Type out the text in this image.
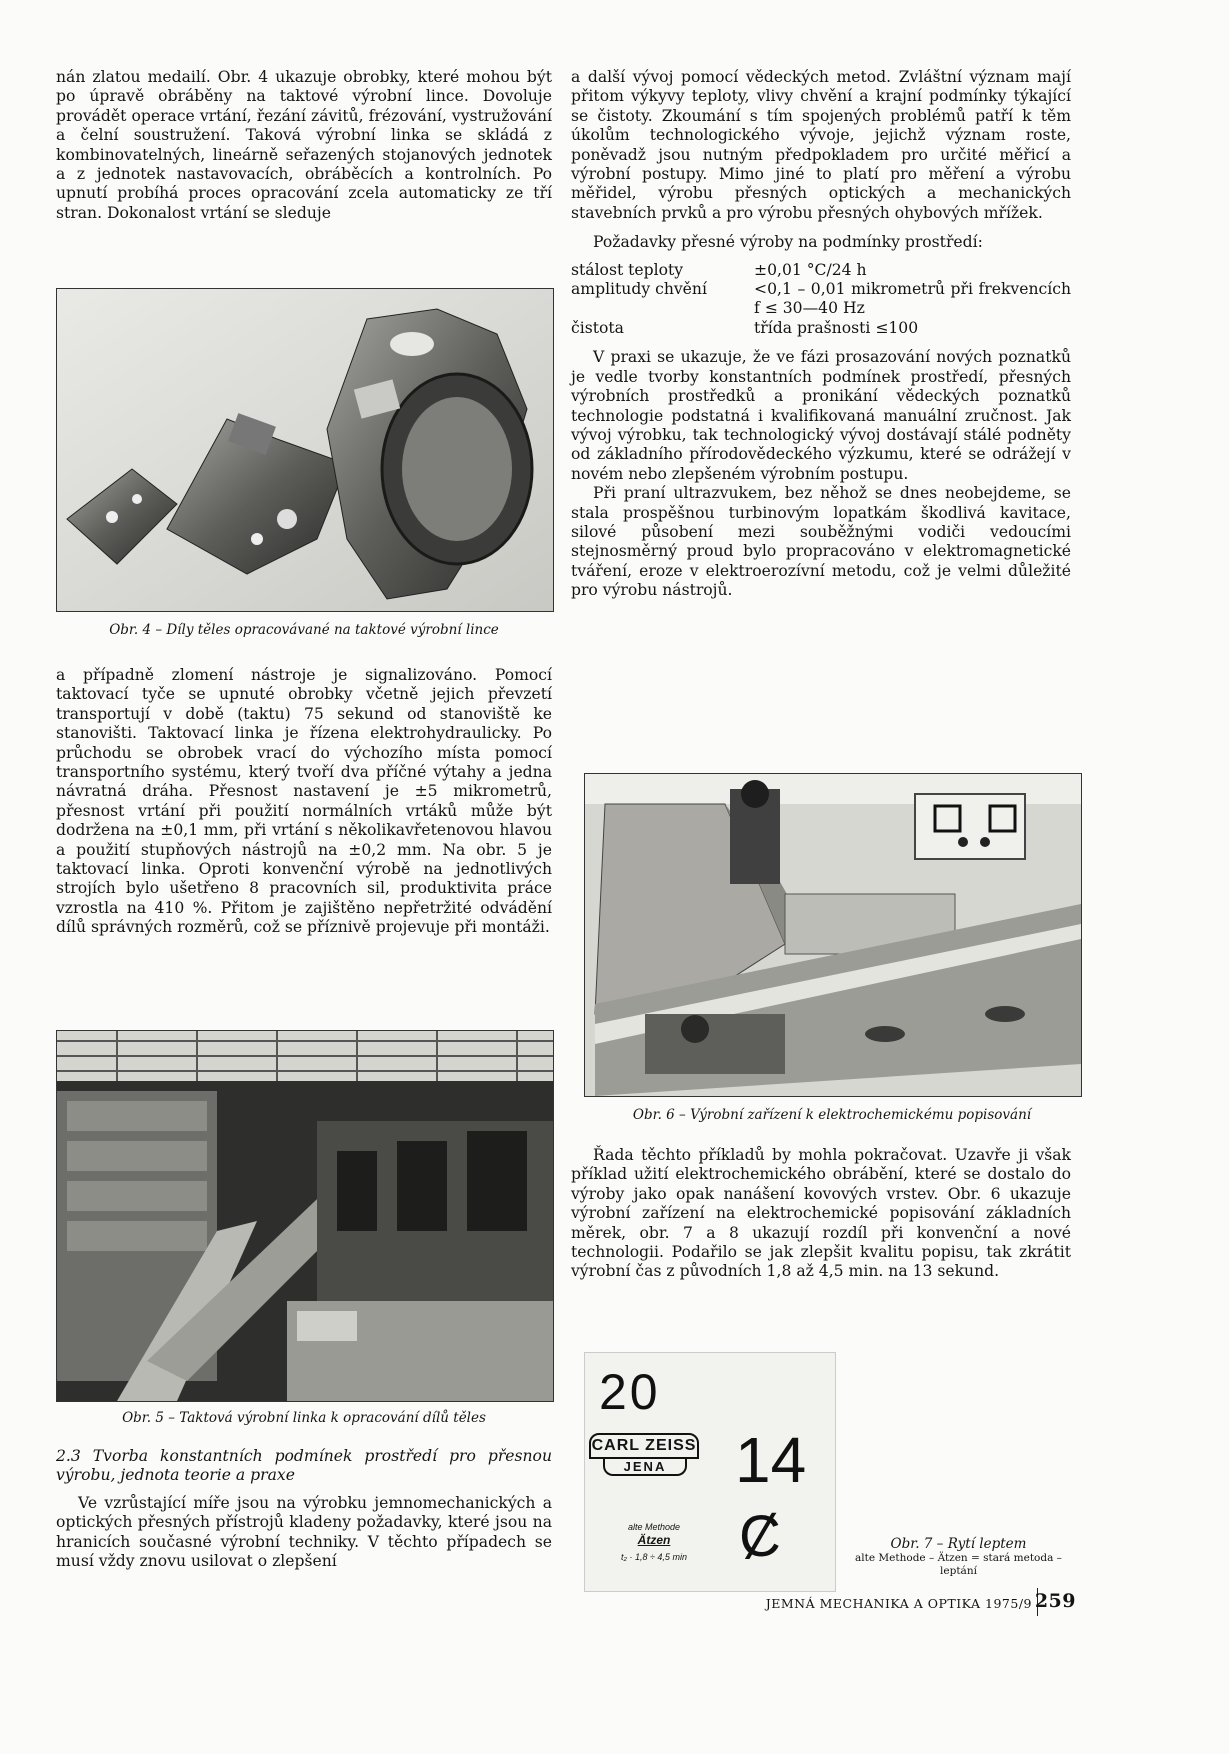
nán zlatou medailí. Obr. 4 ukazuje obrobky, které mohou být po úpravě obráběny na taktové výrobní lince. Dovoluje provádět operace vrtání, řezání závitů, frézování, vystružování a čelní soustružení. Taková výrobní linka se skládá z kombinovatelných, lineárně seřazených stojanových jednotek a z jednotek nastavovacích, obráběcích a kontrolních. Po upnutí probíhá proces opracování zcela automaticky ze tří stran. Dokonalost vrtání se sleduje

Obr. 4 – Díly těles opracovávané na taktové výrobní lince

a případně zlomení nástroje je signalizováno. Pomocí taktovací tyče se upnuté obrobky včetně jejich převzetí transportují v době (taktu) 75 sekund od stanoviště ke stanovišti. Taktovací linka je řízena elektrohydraulicky. Po průchodu se obrobek vrací do výchozího místa pomocí transportního systému, který tvoří dva příčné výtahy a jedna návratná dráha. Přesnost nastavení je ±5 mikrometrů, přesnost vrtání při použití normálních vrtáků může být dodržena na ±0,1 mm, při vrtání s několikavřetenovou hlavou a použití stupňových nástrojů na ±0,2 mm. Na obr. 5 je taktovací linka. Oproti konvenční výrobě na jednotlivých strojích bylo ušetřeno 8 pracovních sil, produktivita práce vzrostla na 410 %. Přitom je zajištěno nepřetržité odvádění dílů správných rozměrů, což se příznivě projevuje při montáži.

Obr. 5 – Taktová výrobní linka k opracování dílů těles
2.3 Tvorba konstantních podmínek prostředí pro přesnou výrobu, jednota teorie a praxe

Ve vzrůstající míře jsou na výrobku jemnomechanických a optických přesných přístrojů kladeny požadavky, které jsou na hranicích současné výrobní techniky. V těchto případech se musí vždy znovu usilovat o zlepšení

a další vývoj pomocí vědeckých metod. Zvláštní význam mají přitom výkyvy teploty, vlivy chvění a krajní podmínky týkající se čistoty. Zkoumání s tím spojených problémů patří k těm úkolům technologického vývoje, jejichž význam roste, poněvadž jsou nutným předpokladem pro určité měřicí a výrobní postupy. Mimo jiné to platí pro měření a výrobu měřidel, výrobu přesných optických a mechanických stavebních prvků a pro výrobu přesných ohybových mřížek.

Požadavky přesné výroby na podmínky prostředí:

stálost teploty	±0,01 °C/24 h
amplitudy chvění	<0,1 – 0,01 mikrometrů při frekvencích f ≤ 30—40 Hz
čistota	třída prašnosti ≤100

V praxi se ukazuje, že ve fázi prosazování nových poznatků je vedle tvorby konstantních podmínek prostředí, přesných výrobních prostředků a pronikání vědeckých poznatků technologie podstatná i kvalifikovaná manuální zručnost. Jak vývoj výrobku, tak technologický vývoj dostávají stálé podněty od základního přírodovědeckého výzkumu, které se odrážejí v novém nebo zlepšeném výrobním postupu.

Při praní ultrazvukem, bez něhož se dnes neobejdeme, se stala prospěšnou turbinovým lopatkám škodlivá kavitace, silové působení mezi souběžnými vodiči vedoucími stejnosměrný proud bylo propracováno v elektromagnetické tváření, eroze v elektroerozívní metodu, což je velmi důležité pro výrobu nástrojů.

Obr. 6 – Výrobní zařízení k elektrochemickému popisování

Řada těchto příkladů by mohla pokračovat. Uzavře ji však příklad užití elektrochemického obrábění, které se dostalo do výroby jako opak nanášení kovových vrstev. Obr. 6 ukazuje výrobní zařízení na elektrochemické popisování základních měrek, obr. 7 a 8 ukazují rozdíl při konvenční a nové technologii. Podařilo se jak zlepšit kvalitu popisu, tak zkrátit výrobní čas z původních 1,8 až 4,5 min. na 13 sekund.

20
CARL ZEISS
JENA	14
Ȼ
alte Methode
Ätzen
t₂ · 1,8 ÷ 4,5 min
Obr. 7 – Rytí leptem
alte Methode – Ätzen = stará metoda – leptání
JEMNÁ MECHANIKA A OPTIKA 1975/9 259
